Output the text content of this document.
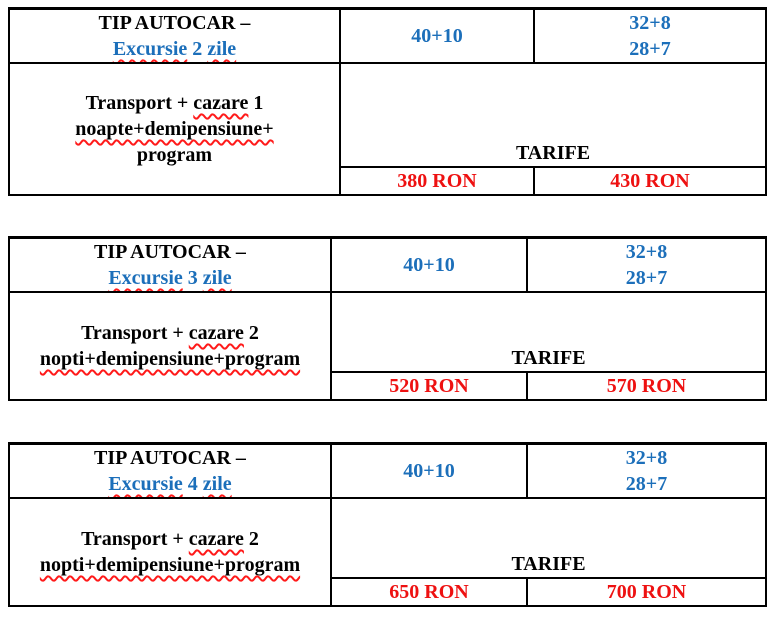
TIP AUTOCAR –
Excursie 2 zile
	40+10	
32+8
28+7

Transport + cazare 1
noapte+demipensiune+
program	TARIFE	
	380 RON	430 RON
TIP AUTOCAR –
Excursie 3 zile
	40+10	
32+8
28+7

Transport + cazare 2
nopti+demipensiune+program	TARIFE	
	520 RON	570 RON
TIP AUTOCAR –
Excursie 4 zile
	40+10	
32+8
28+7

Transport + cazare 2
nopti+demipensiune+program	TARIFE	
	650 RON	700 RON
